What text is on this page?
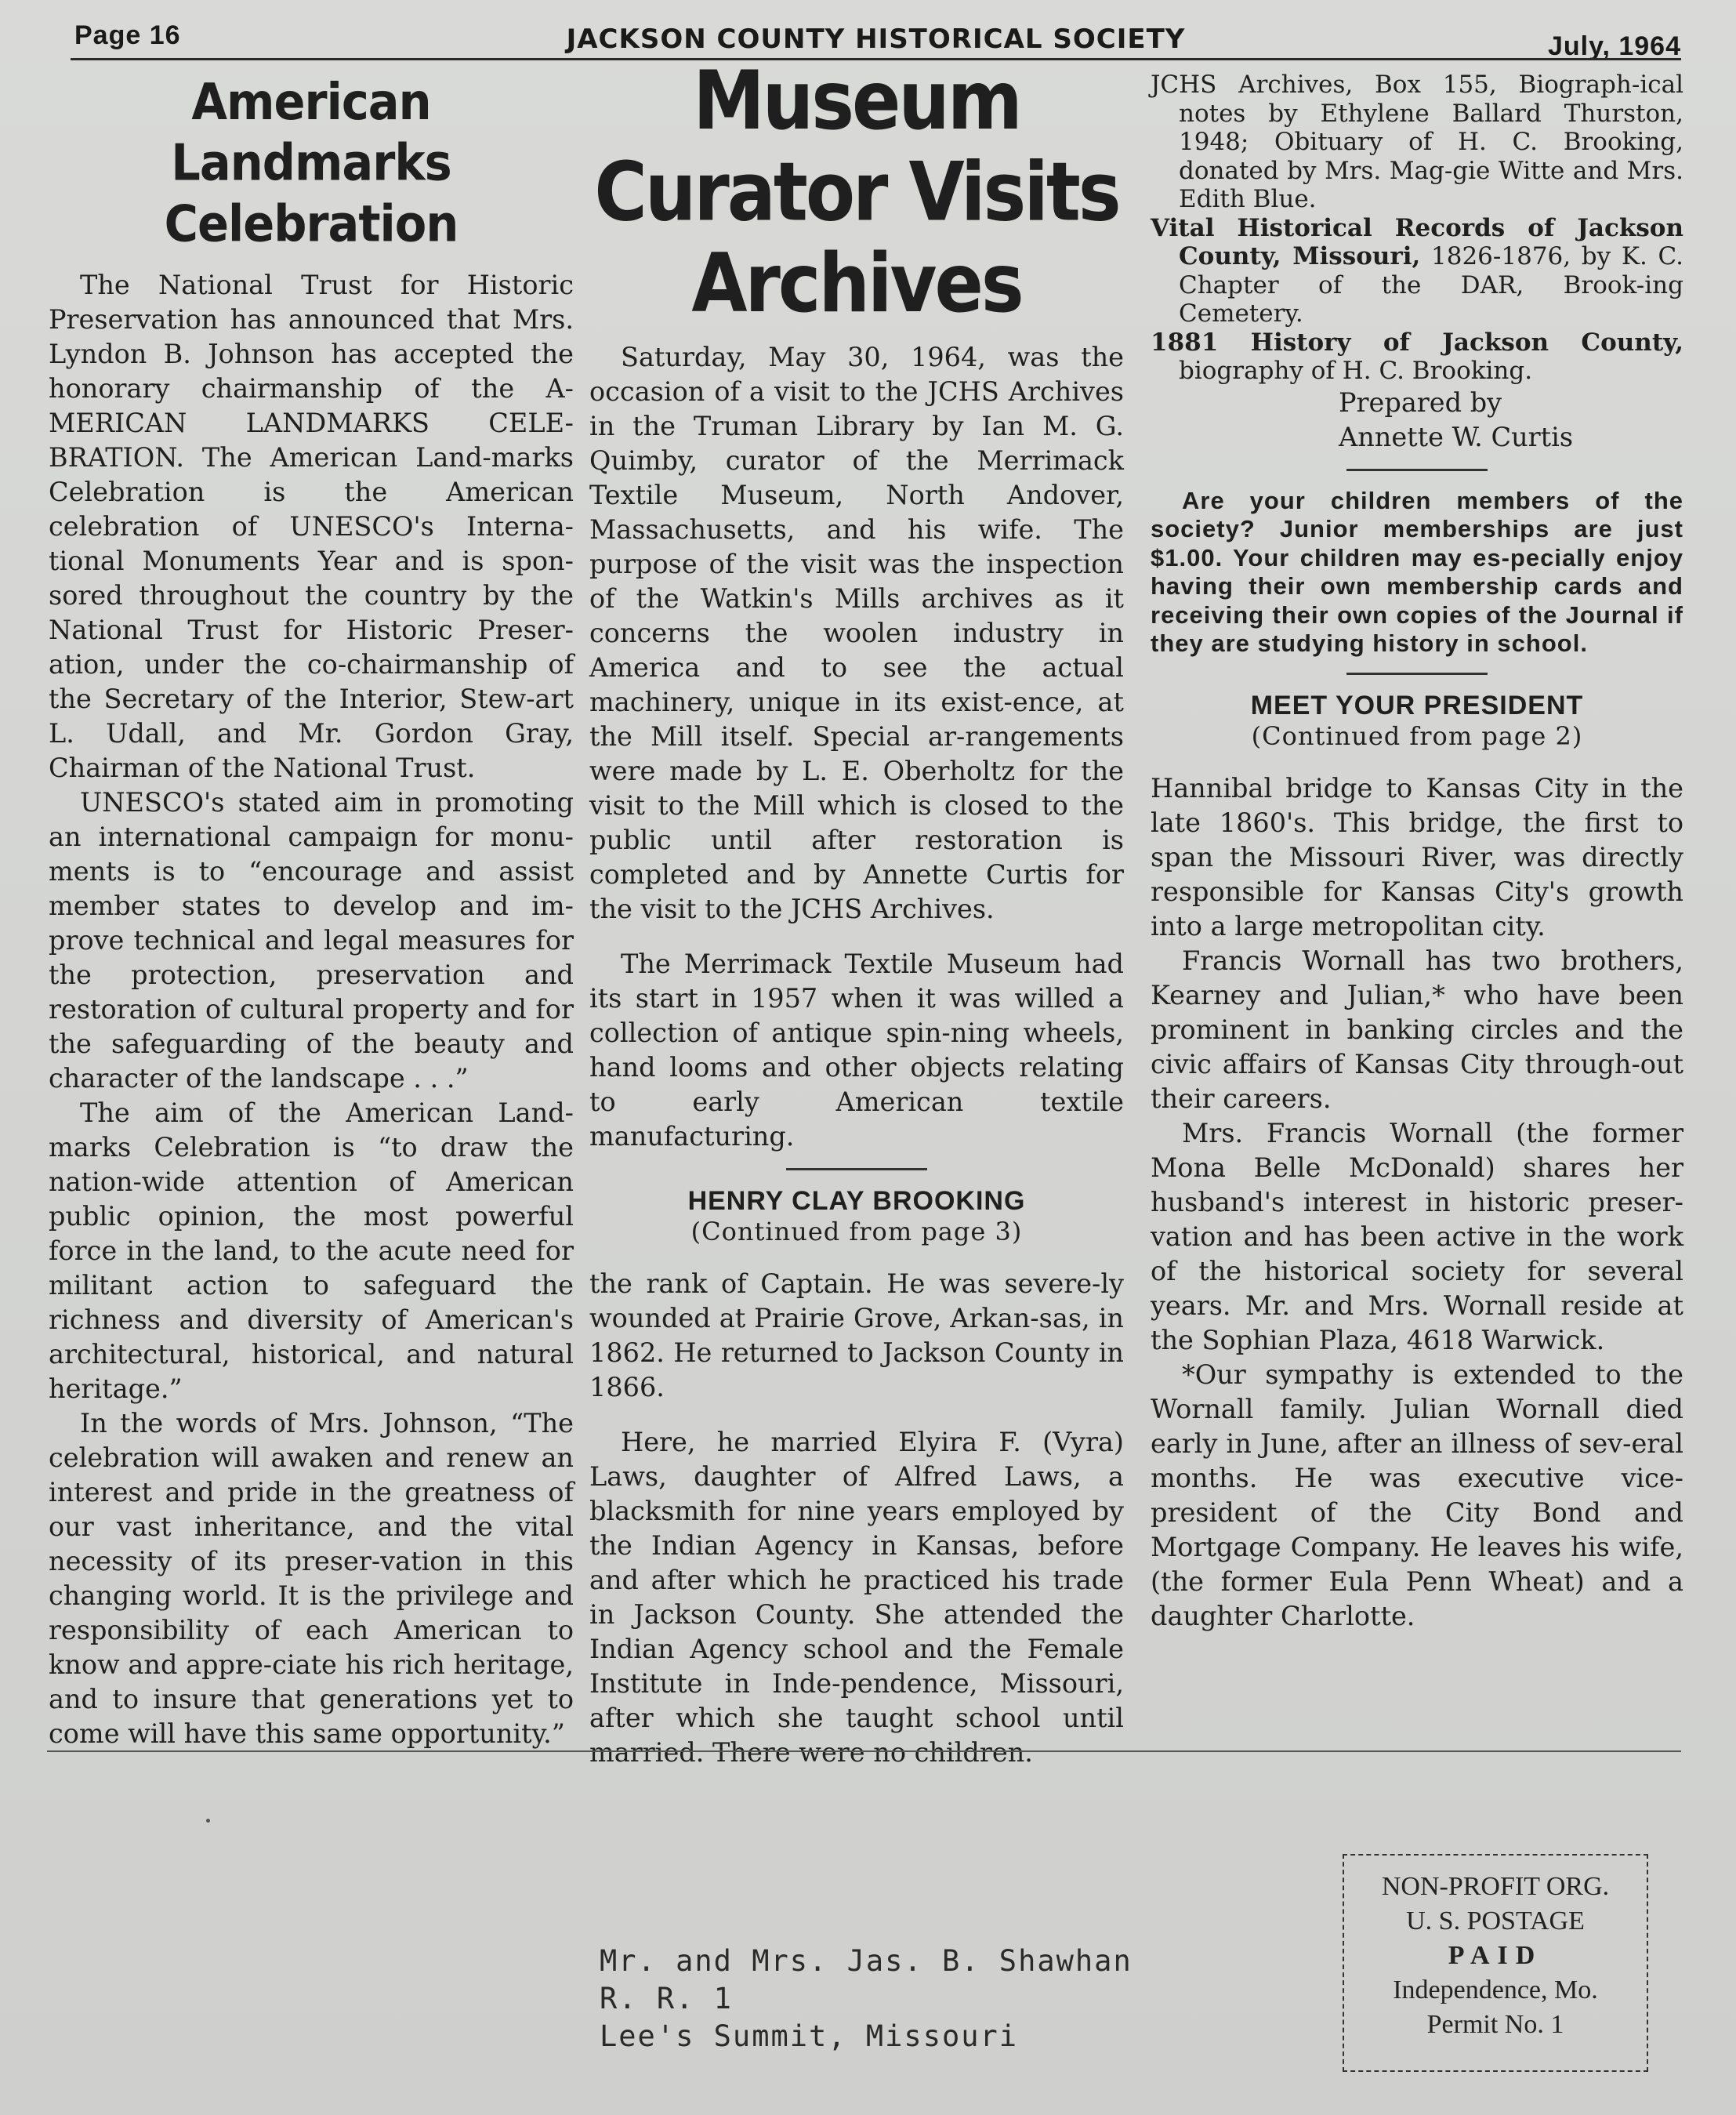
Page 16	JACKSON COUNTY HISTORICAL SOCIETY	July, 1964
American Landmarks Celebration

The National Trust for Historic Preservation has announced that Mrs. Lyndon B. Johnson has accepted the honorary chairmanship of the A-MERICAN LANDMARKS CELE-BRATION. The American Land-marks Celebration is the American celebration of UNESCO's Interna-tional Monuments Year and is spon-sored throughout the country by the National Trust for Historic Preser-ation, under the co-chairmanship of the Secretary of the Interior, Stew-art L. Udall, and Mr. Gordon Gray, Chairman of the National Trust.

UNESCO's stated aim in promoting an international campaign for monu-ments is to “encourage and assist member states to develop and im-prove technical and legal measures for the protection, preservation and restoration of cultural property and for the safeguarding of the beauty and character of the landscape . . .”

The aim of the American Land-marks Celebration is “to draw the nation-wide attention of American public opinion, the most powerful force in the land, to the acute need for militant action to safeguard the richness and diversity of American's architectural, historical, and natural heritage.”

In the words of Mrs. Johnson, “The celebration will awaken and renew an interest and pride in the greatness of our vast inheritance, and the vital necessity of its preser-vation in this changing world. It is the privilege and responsibility of each American to know and appre-ciate his rich heritage, and to insure that generations yet to come will have this same opportunity.”

Museum Curator Visits Archives

Saturday, May 30, 1964, was the occasion of a visit to the JCHS Archives in the Truman Library by Ian M. G. Quimby, curator of the Merrimack Textile Museum, North Andover, Massachusetts, and his wife. The purpose of the visit was the inspection of the Watkin's Mills archives as it concerns the woolen industry in America and to see the actual machinery, unique in its exist-ence, at the Mill itself. Special ar-rangements were made by L. E. Oberholtz for the visit to the Mill which is closed to the public until after restoration is completed and by Annette Curtis for the visit to the JCHS Archives.

The Merrimack Textile Museum had its start in 1957 when it was willed a collection of antique spin-ning wheels, hand looms and other objects relating to early American textile manufacturing.

HENRY CLAY BROOKING
(Continued from page 3)

the rank of Captain. He was severe-ly wounded at Prairie Grove, Arkan-sas, in 1862. He returned to Jackson County in 1866.

Here, he married Elyira F. (Vyra) Laws, daughter of Alfred Laws, a blacksmith for nine years employed by the Indian Agency in Kansas, before and after which he practiced his trade in Jackson County. She attended the Indian Agency school and the Female Institute in Inde-pendence, Missouri, after which she taught school until married. There were no children.

JCHS Archives, Box 155, Biograph-ical notes by Ethylene Ballard Thurston, 1948; Obituary of H. C. Brooking, donated by Mrs. Mag-gie Witte and Mrs. Edith Blue.

Vital Historical Records of Jackson County, Missouri, 1826-1876, by K. C. Chapter of the DAR, Brook-ing Cemetery.

1881 History of Jackson County, biography of H. C. Brooking.

Prepared by

Annette W. Curtis

Are your children members of the society? Junior memberships are just $1.00. Your children may es-pecially enjoy having their own membership cards and receiving their own copies of the Journal if they are studying history in school.

MEET YOUR PRESIDENT
(Continued from page 2)

Hannibal bridge to Kansas City in the late 1860's. This bridge, the first to span the Missouri River, was directly responsible for Kansas City's growth into a large metropolitan city.

Francis Wornall has two brothers, Kearney and Julian,* who have been prominent in banking circles and the civic affairs of Kansas City through-out their careers.

Mrs. Francis Wornall (the former Mona Belle McDonald) shares her husband's interest in historic preser-vation and has been active in the work of the historical society for several years. Mr. and Mrs. Wornall reside at the Sophian Plaza, 4618 Warwick.

*Our sympathy is extended to the Wornall family. Julian Wornall died early in June, after an illness of sev-eral months. He was executive vice-president of the City Bond and Mortgage Company. He leaves his wife, (the former Eula Penn Wheat) and a daughter Charlotte.

Mr. and Mrs. Jas. B. Shawhan
R. R. 1
Lee's Summit, Missouri
NON-PROFIT ORG.
U. S. POSTAGE
PAID
Independence, Mo.
Permit No. 1
